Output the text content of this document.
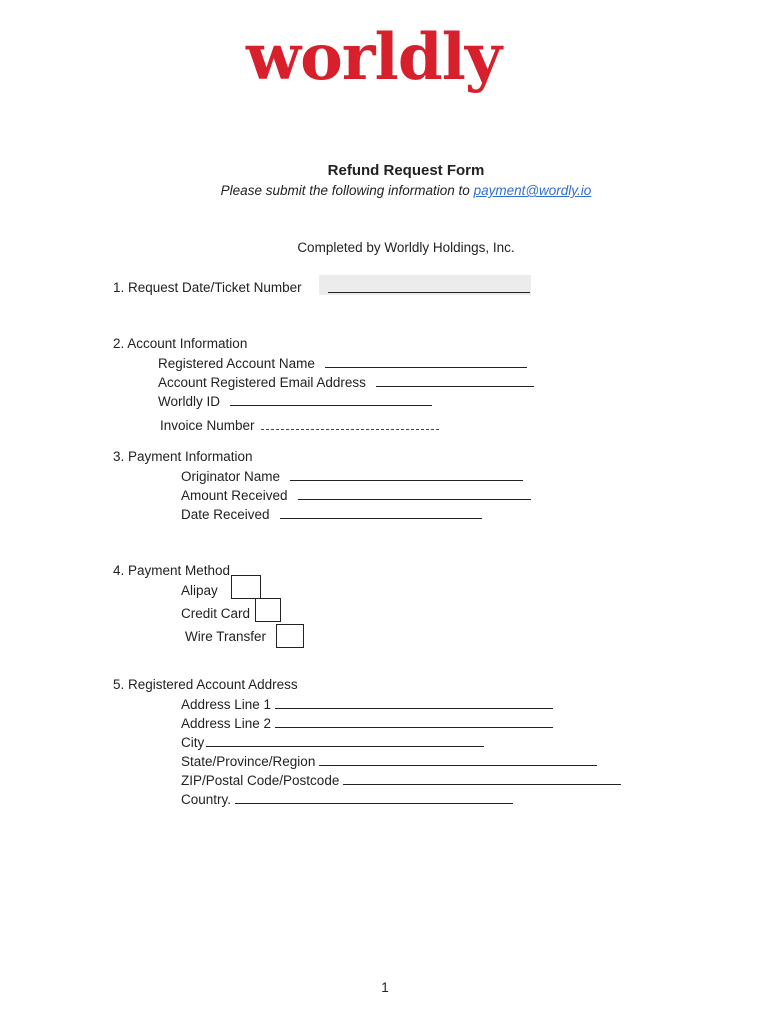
worldly
Refund Request Form
Please submit the following information to payment@wordly.io
Completed by Worldly Holdings, Inc.
1. Request Date/Ticket Number
2. Account Information
Registered Account Name
Account Registered Email Address
Worldly ID
Invoice Number
3. Payment Information
Originator Name
Amount Received
Date Received
4. Payment Method
Alipay
Credit Card
Wire Transfer
5. Registered Account Address
Address Line 1
Address Line 2
City
State/Province/Region
ZIP/Postal Code/Postcode
Country.
1
